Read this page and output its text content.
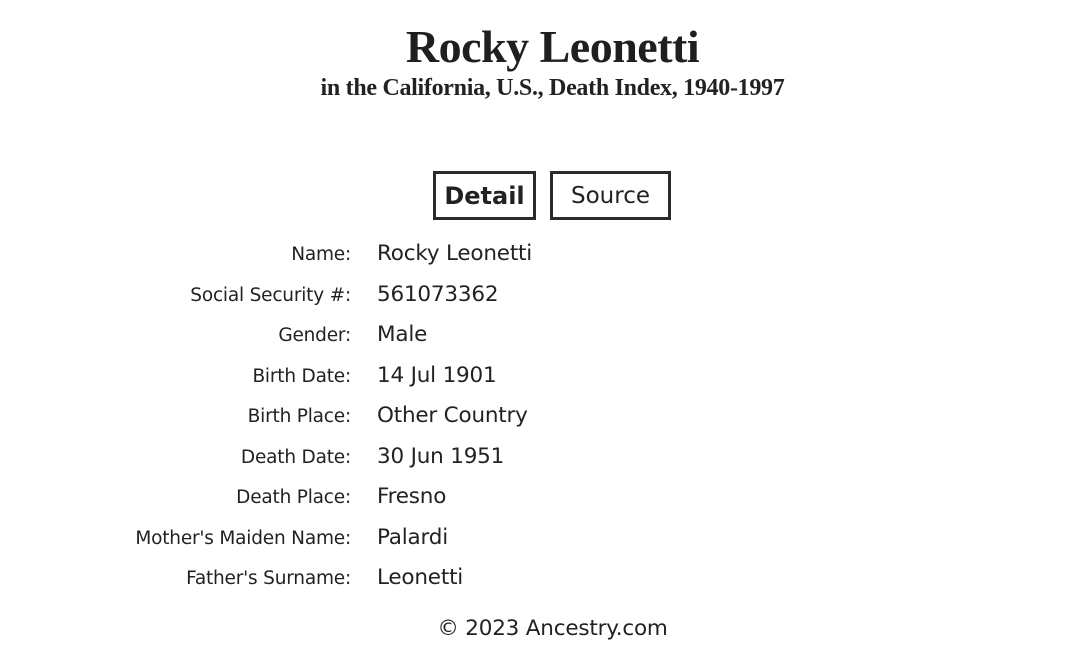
Rocky Leonetti
in the California, U.S., Death Index, 1940-1997
Detail	Source
Name: Rocky Leonetti
Social Security #: 561073362
Gender: Male
Birth Date: 14 Jul 1901
Birth Place: Other Country
Death Date: 30 Jun 1951
Death Place: Fresno
Mother's Maiden Name: Palardi
Father's Surname: Leonetti
© 2023 Ancestry.com
